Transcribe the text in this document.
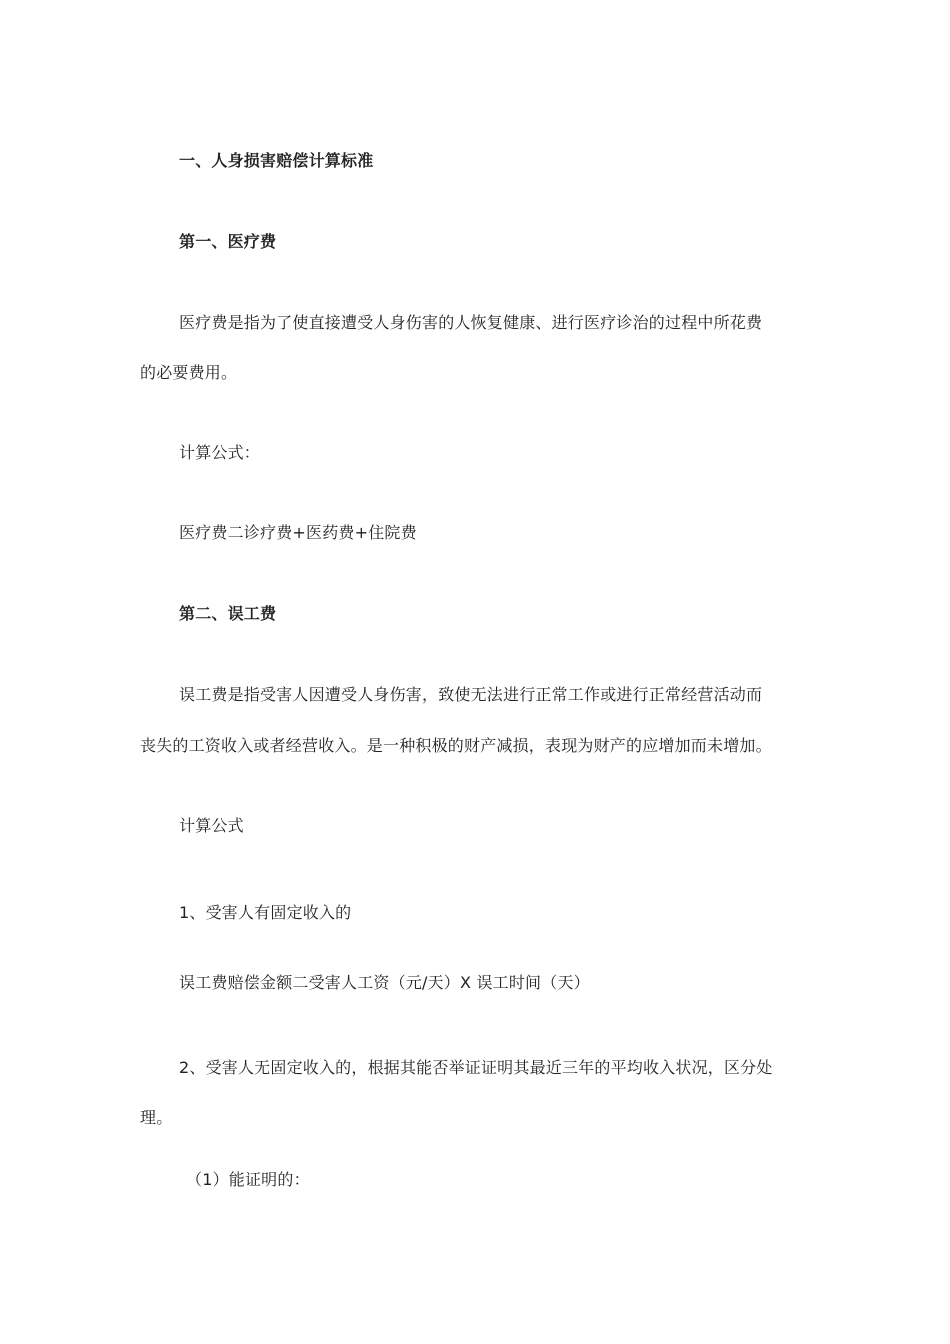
一、人身损害赔偿计算标准
第一、医疗费
医疗费是指为了使直接遭受人身伤害的人恢复健康、进行医疗诊治的过程中所花费
的必要费用。
计算公式：
医疗费二诊疗费+医药费+住院费
第二、误工费
误工费是指受害人因遭受人身伤害，致使无法进行正常工作或进行正常经营活动而
丧失的工资收入或者经营收入。是一种积极的财产减损，表现为财产的应增加而未增加。
计算公式
1、受害人有固定收入的
误工费赔偿金额二受害人工资（元/天）X 误工时间（天）
2、受害人无固定收入的，根据其能否举证证明其最近三年的平均收入状况，区分处
理。
（1）能证明的：
